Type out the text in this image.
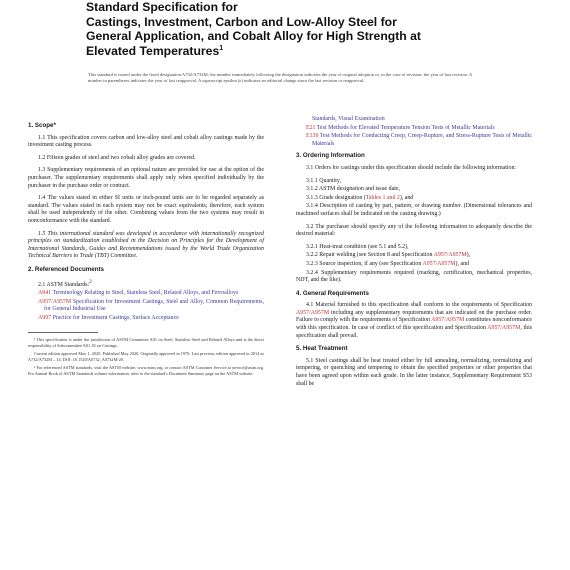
Standard Specification for
Castings, Investment, Carbon and Low-Alloy Steel for
General Application, and Cobalt Alloy for High Strength at
Elevated Temperatures$^1$
This standard is issued under the fixed designation A732/A732M; the number immediately following the designation indicates the year of original adoption or, in the case of revision, the year of last revision. A number in parentheses indicates the year of last reapproval. A superscript epsilon (ε) indicates an editorial change since the last revision or reapproval.
1. Scope*
1.1 This specification covers carbon and low-alloy steel and cobalt alloy castings made by the investment casting process.
1.2 Fifteen grades of steel and two cobalt alloy grades are covered.
1.3 Supplementary requirements of an optional nature are provided for use at the option of the purchaser. The supplementary requirements shall apply only when specified individually by the purchaser in the purchase order or contract.
1.4 The values stated in either SI units or inch-pound units are to be regarded separately as standard. The values stated in each system may not be exact equivalents; therefore, each system shall be used independently of the other. Combining values from the two systems may result in nonconformance with the standard.
1.5 This international standard was developed in accordance with internationally recognized principles on standardization established in the Decision on Principles for the Development of International Standards, Guides and Recommendations issued by the World Trade Organization Technical Barriers to Trade (TBT) Committee.
2. Referenced Documents
2.1 ASTM Standards:$^2$
A941 Terminology Relating to Steel, Stainless Steel, Related Alloys, and Ferroalloys
A957/A957M Specification for Investment Castings, Steel and Alloy, Common Requirements, for General Industrial Use
A997 Practice for Investment Castings, Surface Acceptance
¹ This specification is under the jurisdiction of ASTM Committee A01 on Steel, Stainless Steel and Related Alloys and is the direct responsibility of Subcommittee A01.18 on Castings.
Current edition approved May 1, 2020. Published May 2020. Originally approved in 1976. Last previous edition approved in 2014 as A732/A732M – 14. DOI: 10.1520/A0732_A0732M-20.
² For referenced ASTM standards, visit the ASTM website, www.astm.org, or contact ASTM Customer Service at service@astm.org. For Annual Book of ASTM Standards volume information, refer to the standard's Document Summary page on the ASTM website.
Standards, Visual Examination
E21 Test Methods for Elevated Temperature Tension Tests of Metallic Materials
E139 Test Methods for Conducting Creep, Creep-Rupture, and Stress-Rupture Tests of Metallic Materials
3. Ordering Information
3.1 Orders for castings under this specification should include the following information:
3.1.1 Quantity,
3.1.2 ASTM designation and issue date,
3.1.3 Grade designation (Tables 1 and 2), and
3.1.4 Description of casting by part, pattern, or drawing number. (Dimensional tolerances and machined surfaces shall be indicated on the casting drawing.)
3.2 The purchaser should specify any of the following information to adequately describe the desired material:
3.2.1 Heat-treat condition (see 5.1 and 5.2),
3.2.2 Repair welding (see Section 8 and Specification A957/A957M),
3.2.3 Source inspection, if any (see Specification A957/A957M), and
3.2.4 Supplementary requirements required (marking, certification, mechanical properties, NDT, and the like).
4. General Requirements
4.1 Material furnished to this specification shall conform to the requirements of Specification A957/A957M including any supplementary requirements that are indicated on the purchase order. Failure to comply with the requirements of Specification A957/A957M constitutes nonconformance with this specification. In case of conflict of this specification and Specification A957/A957M, this specification shall prevail.
5. Heat Treatment
5.1 Steel castings shall be heat treated either by full annealing, normalizing, normalizing and tempering, or quenching and tempering to obtain the specified properties or other properties that have been agreed upon within each grade. In the latter instance, Supplementary Requirement S53 shall be
